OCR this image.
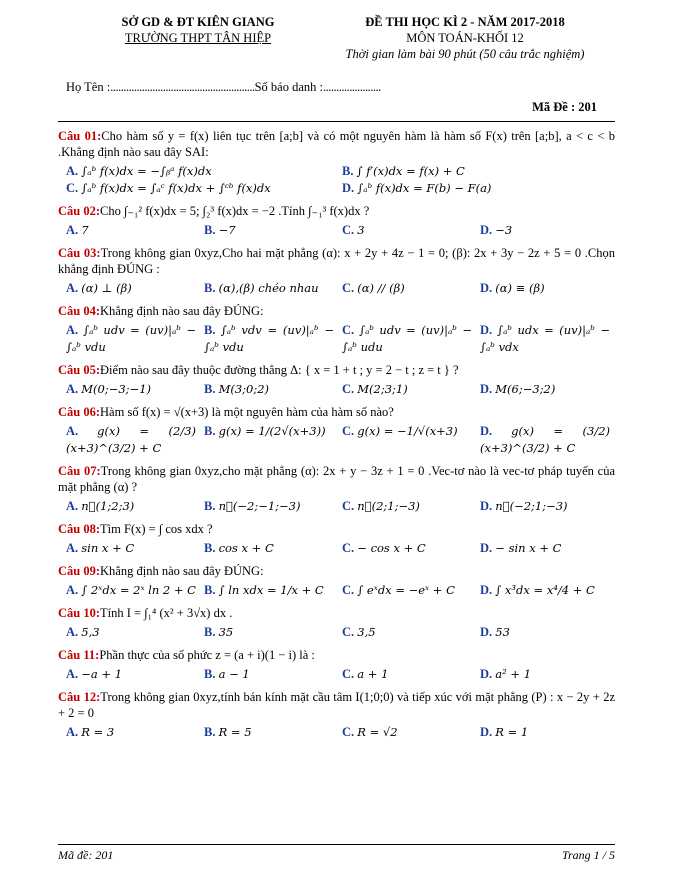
SỞ GD & ĐT KIÊN GIANG
TRƯỜNG THPT TÂN HIỆP
ĐỀ THI HỌC KÌ 2 - NĂM 2017-2018
MÔN TOÁN-KHỐI 12
Thời gian làm bài 90 phút (50 câu trắc nghiệm)
Họ Tên : ....................................................... Số báo danh : ......................
Mã Đề : 201
Câu 01:Cho hàm số y = f(x) liên tục trên [a;b] và có một nguyên hàm là hàm số F(x) trên [a;b], a < c < b .Khẳng định nào sau đây SAI:
A. ∫ₐᵇ f(x)dx = −∫ᵦᵃ f(x)dx	B. ∫ f′(x)dx = f(x) + C
C. ∫ₐᵇ f(x)dx = ∫ₐᶜ f(x)dx + ∫ᶜᵇ f(x)dx	D. ∫ₐᵇ f(x)dx = F(b) − F(a)
Câu 02:Cho ∫₋₁² f(x)dx = 5; ∫₂³ f(x)dx = −2 .Tính ∫₋₁³ f(x)dx ?
A. 7	B. −7	C. 3	D. −3
Câu 03:Trong không gian 0xyz,Cho hai mặt phẳng (α): x + 2y + 4z − 1 = 0; (β): 2x + 3y − 2z + 5 = 0 .Chọn khẳng định ĐÚNG :
A. (α) ⊥ (β)	B. (α),(β) chéo nhau	C. (α) // (β)	D. (α) ≡ (β)
Câu 04:Khẳng định nào sau đây ĐÚNG:
A. ∫ₐᵇ udv = (uv)|ₐᵇ − ∫ₐᵇ vdu
B. ∫ₐᵇ vdv = (uv)|ₐᵇ − ∫ₐᵇ vdu
C. ∫ₐᵇ udv = (uv)|ₐᵇ − ∫ₐᵇ udu
D. ∫ₐᵇ udx = (uv)|ₐᵇ − ∫ₐᵇ vdx
Câu 05:Điểm nào sau đây thuộc đường thẳng Δ: { x = 1 + t ; y = 2 − t ; z = t } ?
A. M(0;−3;−1)	B. M(3;0;2)	C. M(2;3;1)	D. M(6;−3;2)
Câu 06:Hàm số f(x) = √(x+3) là một nguyên hàm của hàm số nào?
A. g(x) = (2/3)(x+3)^(3/2) + C
B. g(x) = 1/(2√(x+3))	C. g(x) = −1/√(x+3)	D. g(x) = (3/2)(x+3)^(3/2) + C
Câu 07:Trong không gian 0xyz,cho mặt phẳng (α): 2x + y − 3z + 1 = 0 .Vec-tơ nào là vec-tơ pháp tuyến của mặt phẳng (α) ?
A. n⃗(1;2;3)	B. n⃗(−2;−1;−3)	C. n⃗(2;1;−3)	D. n⃗(−2;1;−3)
Câu 08:Tìm F(x) = ∫ cos xdx ?
A. sin x + C	B. cos x + C	C. − cos x + C	D. − sin x + C
Câu 09:Khẳng định nào sau đây ĐÚNG:
A. ∫ 2ˣdx = 2ˣ ln 2 + C B. ∫ ln xdx = 1/x + C	C. ∫ eˣdx = −eˣ + C	D. ∫ x³dx = x⁴/4 + C
Câu 10:Tính I = ∫₁⁴ (x² + 3√x) dx .
A. 5,3	B. 35	C. 3,5	D. 53
Câu 11:Phần thực của số phức z = (a + i)(1 − i) là :
A. −a + 1	B. a − 1	C. a + 1	D. a² + 1
Câu 12:Trong không gian 0xyz,tính bán kính mặt cầu tâm I(1;0;0) và tiếp xúc với mặt phẳng (P) : x − 2y + 2z + 2 = 0
A. R = 3	B. R = 5	C. R = √2	D. R = 1
Mã đề: 201	Trang 1 / 5
